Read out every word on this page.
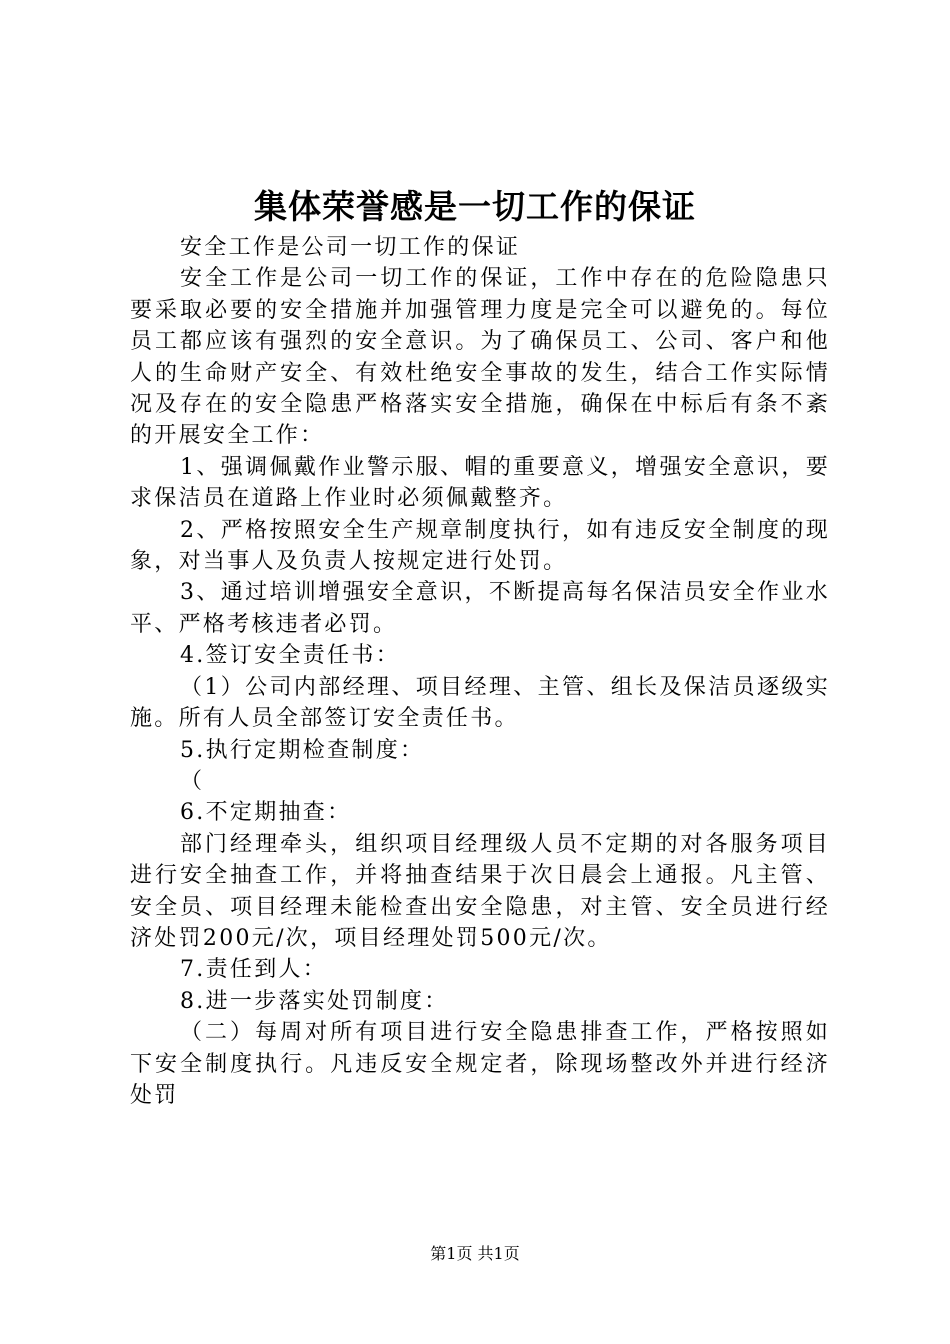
集体荣誉感是一切工作的保证

安全工作是公司一切工作的保证

安全工作是公司一切工作的保证，工作中存在的危险隐患只要采取必要的安全措施并加强管理力度是完全可以避免的。每位员工都应该有强烈的安全意识。为了确保员工、公司、客户和他人的生命财产安全、有效杜绝安全事故的发生，结合工作实际情况及存在的安全隐患严格落实安全措施，确保在中标后有条不紊的开展安全工作：

1、强调佩戴作业警示服、帽的重要意义，增强安全意识，要求保洁员在道路上作业时必须佩戴整齐。

2、严格按照安全生产规章制度执行，如有违反安全制度的现象，对当事人及负责人按规定进行处罚。

3、通过培训增强安全意识，不断提高每名保洁员安全作业水平、严格考核违者必罚。

4.签订安全责任书：

（1）公司内部经理、项目经理、主管、组长及保洁员逐级实施。所有人员全部签订安全责任书。

5.执行定期检查制度：

（

6.不定期抽查：

部门经理牵头，组织项目经理级人员不定期的对各服务项目进行安全抽查工作，并将抽查结果于次日晨会上通报。凡主管、安全员、项目经理未能检查出安全隐患，对主管、安全员进行经济处罚200元/次，项目经理处罚500元/次。

7.责任到人：

8.进一步落实处罚制度：

（二）每周对所有项目进行安全隐患排查工作，严格按照如下安全制度执行。凡违反安全规定者，除现场整改外并进行经济处罚

第1页 共1页
